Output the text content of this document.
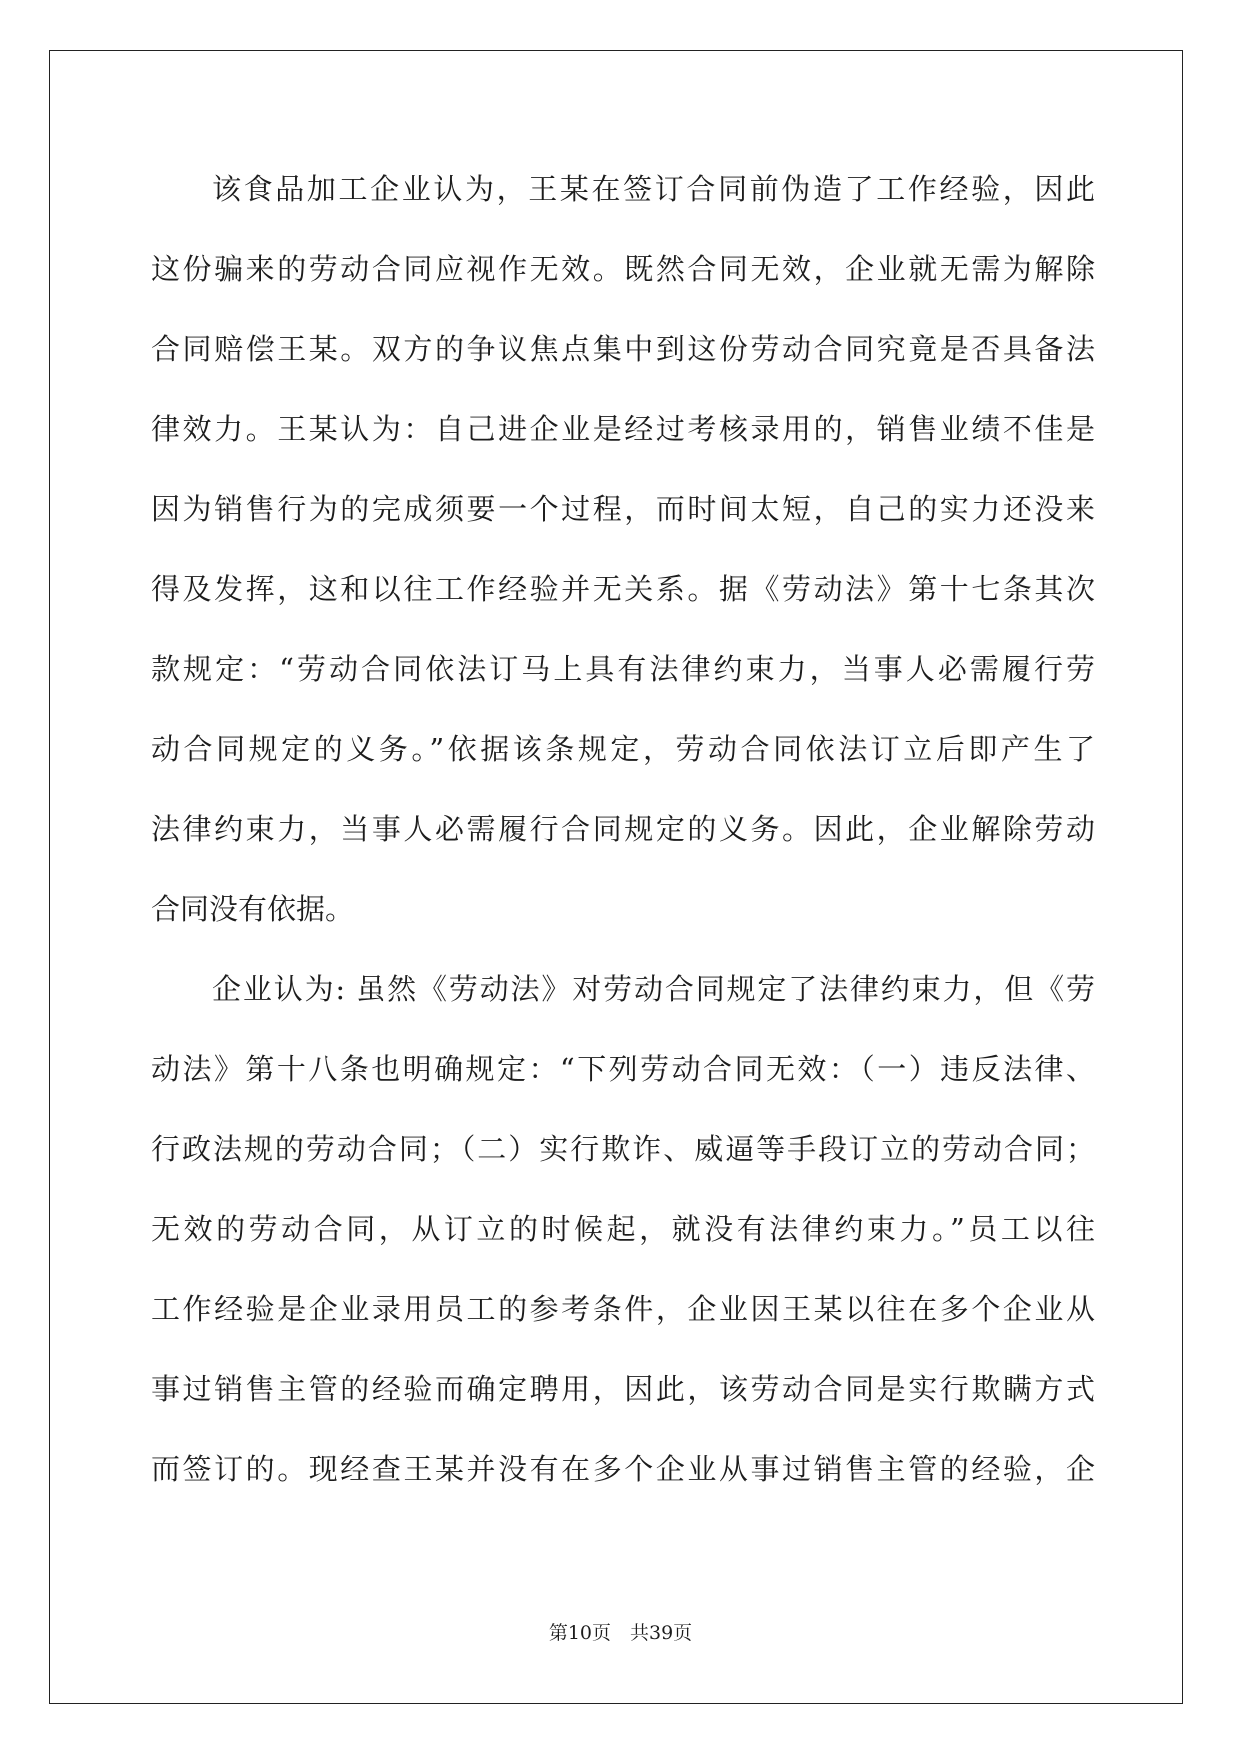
该食品加工企业认为，王某在签订合同前伪造了工作经验，因此
这份骗来的劳动合同应视作无效。既然合同无效，企业就无需为解除
合同赔偿王某。双方的争议焦点集中到这份劳动合同究竟是否具备法
律效力。王某认为：自己进企业是经过考核录用的，销售业绩不佳是
因为销售行为的完成须要一个过程，而时间太短，自己的实力还没来
得及发挥，这和以往工作经验并无关系。据《劳动法》第十七条其次
款规定：“劳动合同依法订马上具有法律约束力，当事人必需履行劳
动合同规定的义务。”依据该条规定，劳动合同依法订立后即产生了
法律约束力，当事人必需履行合同规定的义务。因此，企业解除劳动
合同没有依据。
企业认为: 虽然《劳动法》对劳动合同规定了法律约束力，但《劳
动法》第十八条也明确规定：“下列劳动合同无效：（一）违反法律、
行政法规的劳动合同；（二）实行欺诈、威逼等手段订立的劳动合同；
无效的劳动合同，从订立的时候起，就没有法律约束力。”员工以往
工作经验是企业录用员工的参考条件，企业因王某以往在多个企业从
事过销售主管的经验而确定聘用，因此，该劳动合同是实行欺瞒方式
而签订的。现经查王某并没有在多个企业从事过销售主管的经验，企
第10页　共39页
